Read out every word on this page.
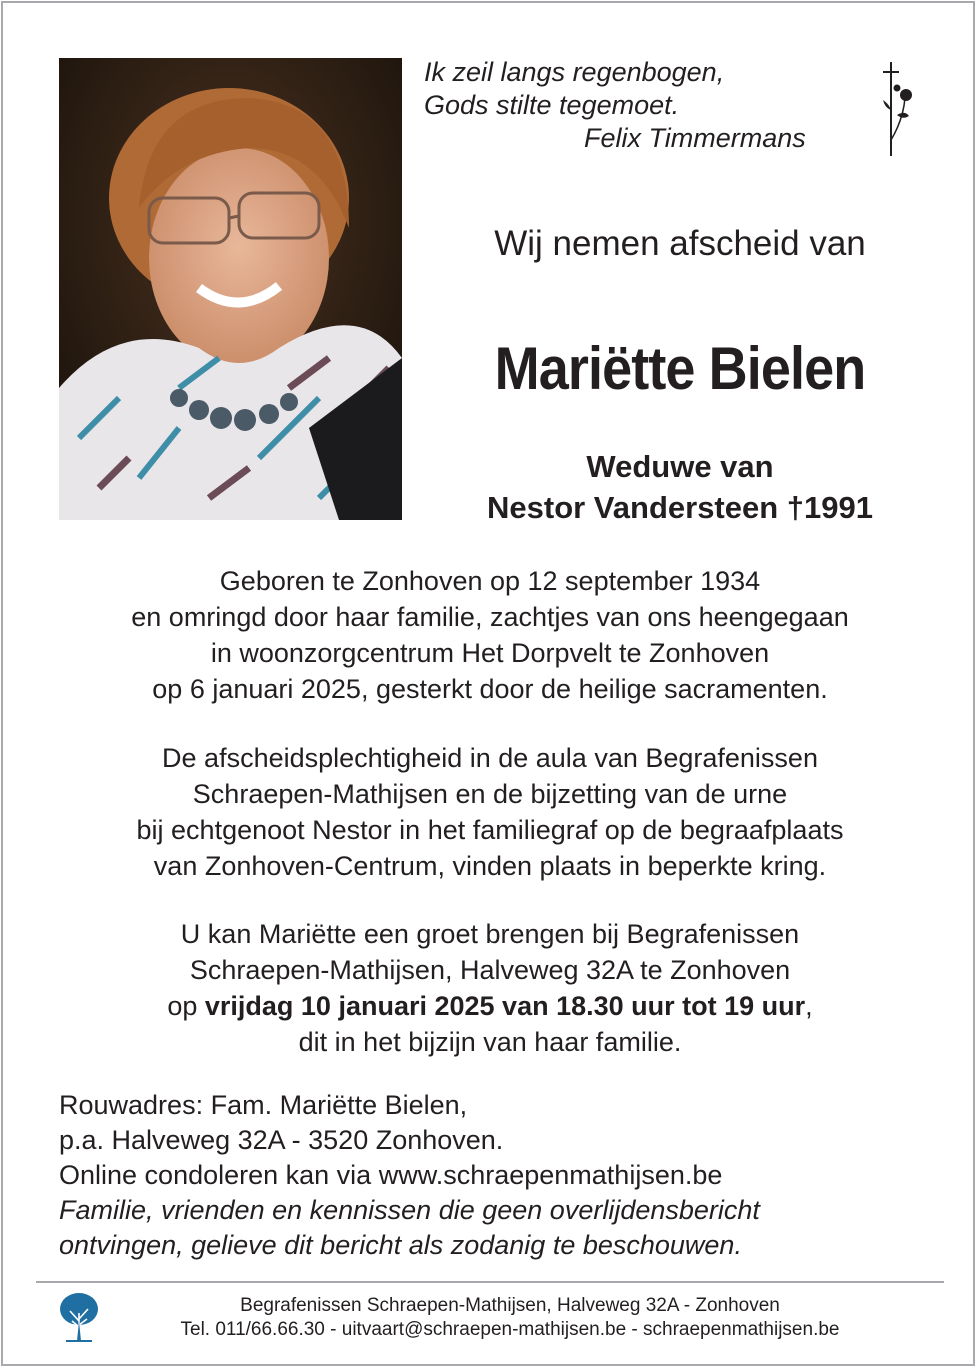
Ik zeil langs regenbogen,
Gods stilte tegemoet.
Felix Timmermans
Wij nemen afscheid van
Mariëtte Bielen
Weduwe van
Nestor Vandersteen †1991
Geboren te Zonhoven op 12 september 1934
en omringd door haar familie, zachtjes van ons heengegaan
in woonzorgcentrum Het Dorpvelt te Zonhoven
op 6 januari 2025, gesterkt door de heilige sacramenten.
De afscheidsplechtigheid in de aula van Begrafenissen
Schraepen-Mathijsen en de bijzetting van de urne
bij echtgenoot Nestor in het familiegraf op de begraafplaats
van Zonhoven-Centrum, vinden plaats in beperkte kring.
U kan Mariëtte een groet brengen bij Begrafenissen
Schraepen-Mathijsen, Halveweg 32A te Zonhoven
op vrijdag 10 januari 2025 van 18.30 uur tot 19 uur,
dit in het bijzijn van haar familie.
Rouwadres: Fam. Mariëtte Bielen,
p.a. Halveweg 32A - 3520 Zonhoven.
Online condoleren kan via www.schraepenmathijsen.be
Familie, vrienden en kennissen die geen overlijdensbericht
ontvingen, gelieve dit bericht als zodanig te beschouwen.
Begrafenissen Schraepen-Mathijsen, Halveweg 32A - Zonhoven
Tel. 011/66.66.30 - uitvaart@schraepen-mathijsen.be - schraepenmathijsen.be
